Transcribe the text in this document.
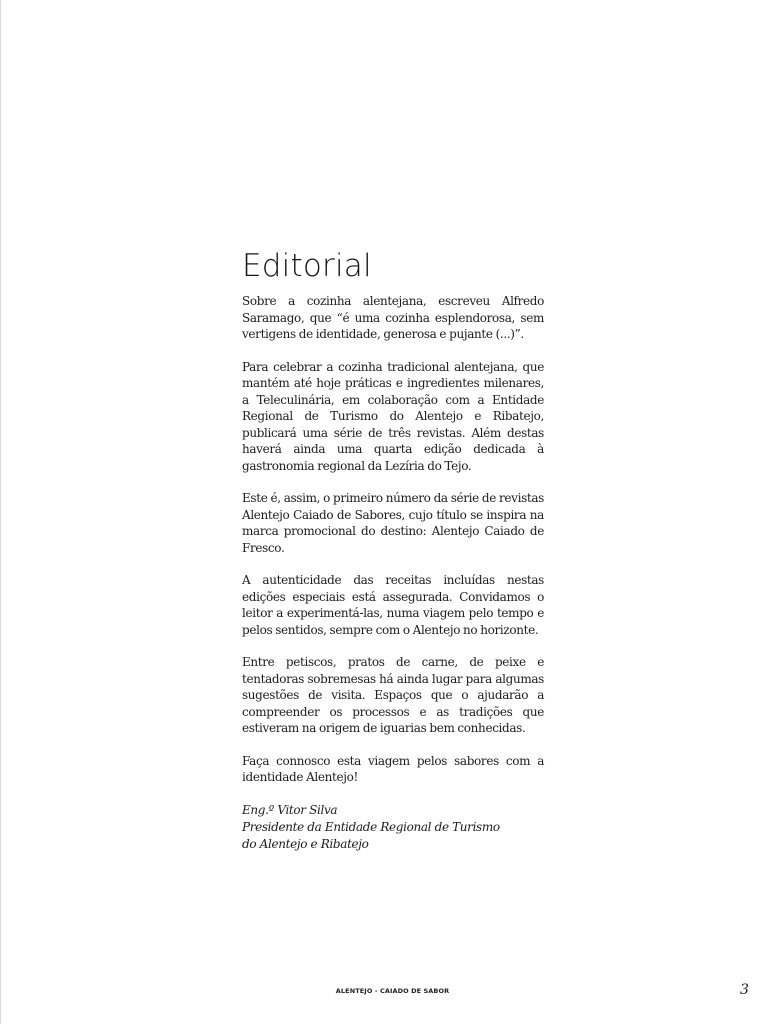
Editorial

Sobre a cozinha alentejana, escreveu Alfredo Saramago, que “é uma cozinha esplendorosa, sem vertigens de identidade, generosa e pujante (...)”.

Para celebrar a cozinha tradicional alentejana, que mantém até hoje práticas e ingredientes milenares, a Teleculinária, em colaboração com a Entidade Regional de Turismo do Alentejo e Ribatejo, publicará uma série de três revistas. Além destas haverá ainda uma quarta edição dedicada à gastronomia regional da Lezíria do Tejo.

Este é, assim, o primeiro número da série de revistas Alentejo Caiado de Sabores, cujo título se inspira na marca promocional do destino: Alentejo Caiado de Fresco.

A autenticidade das receitas incluídas nestas edições especiais está assegurada. Convidamos o leitor a experimentá-las, numa viagem pelo tempo e pelos sentidos, sempre com o Alentejo no horizonte.

Entre petiscos, pratos de carne, de peixe e tentadoras sobremesas há ainda lugar para algumas sugestões de visita. Espaços que o ajudarão a compreender os processos e as tradições que estiveram na origem de iguarias bem conhecidas.

Faça connosco esta viagem pelos sabores com a identidade Alentejo!

Eng.º Vitor Silva
Presidente da Entidade Regional de Turismo
do Alentejo e Ribatejo
ALENTEJO - CAIADO DE SABOR	3
